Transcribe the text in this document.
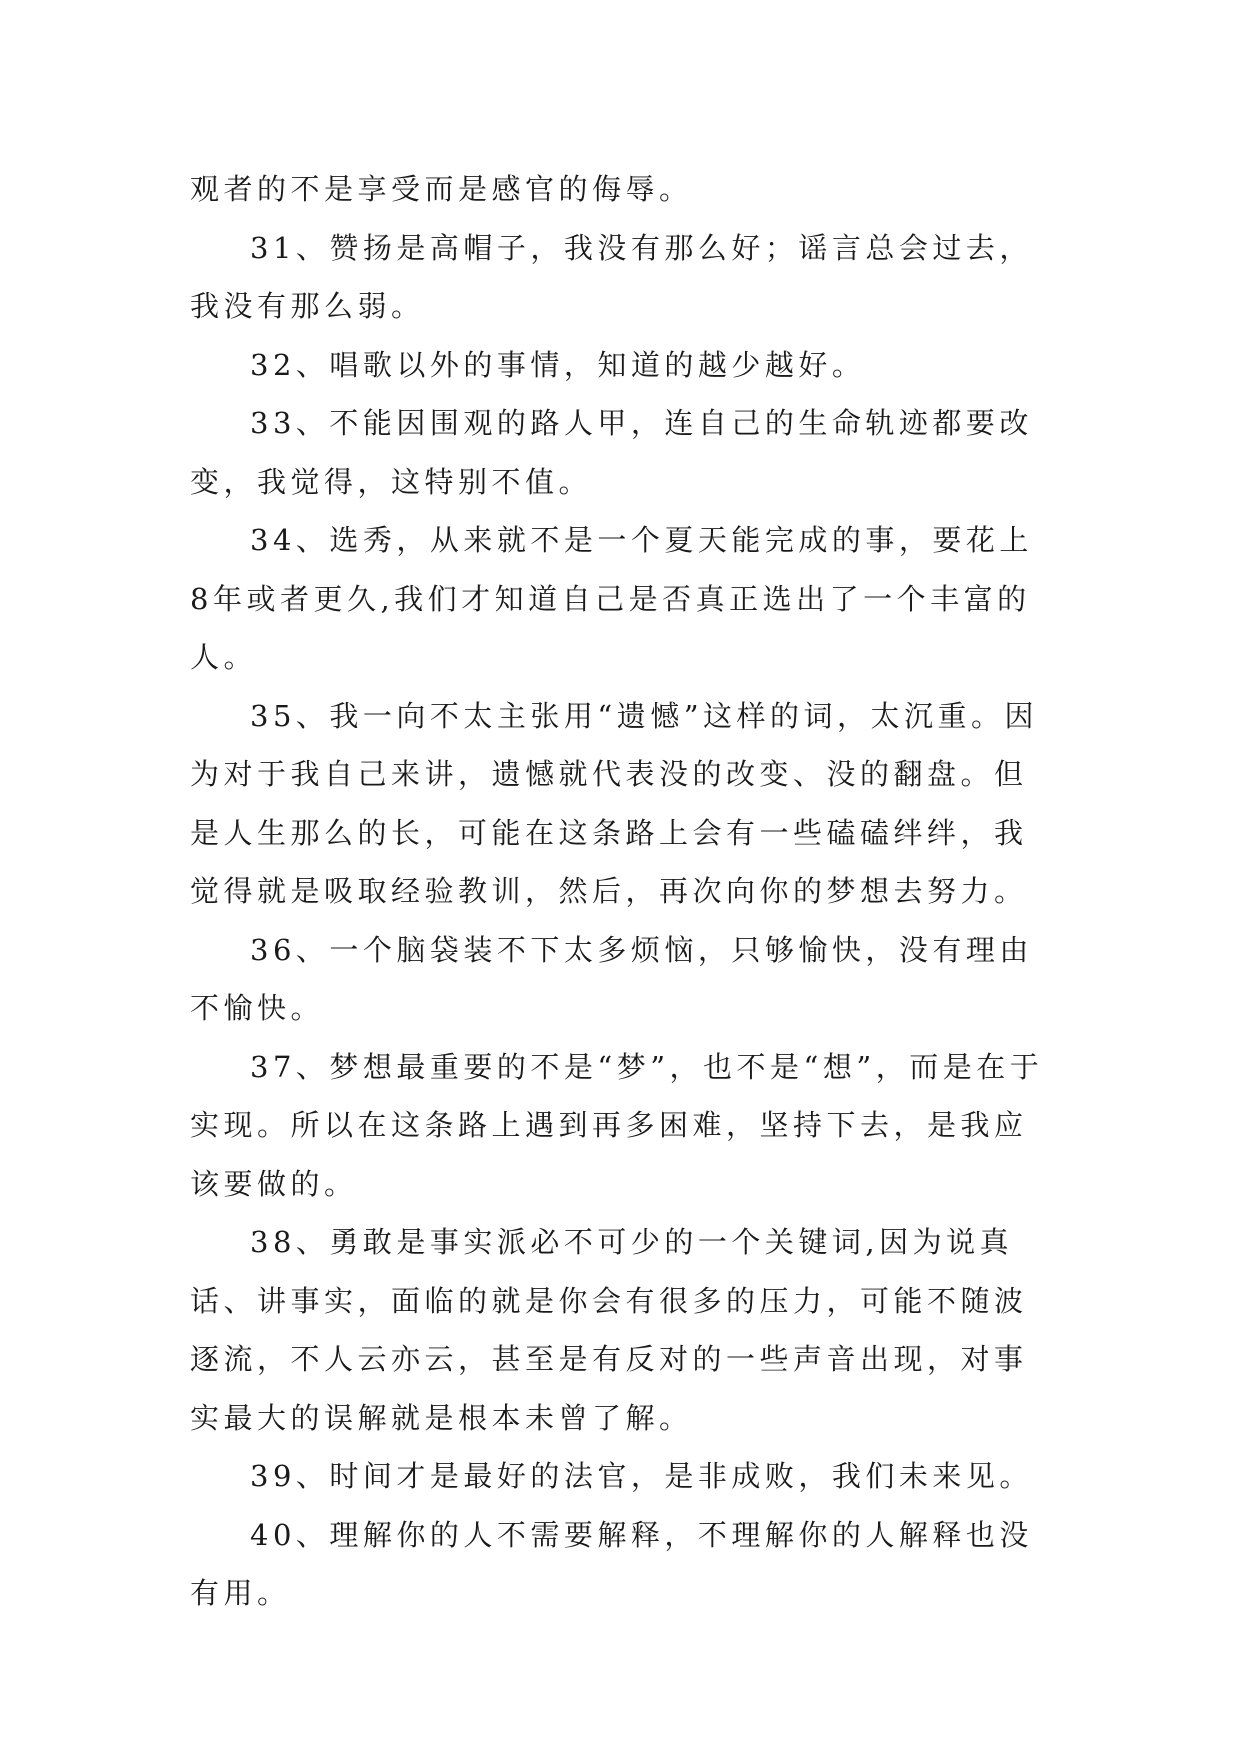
观者的不是享受而是感官的侮辱。

31、赞扬是高帽子，我没有那么好；谣言总会过去，我没有那么弱。

32、唱歌以外的事情，知道的越少越好。

33、不能因围观的路人甲，连自己的生命轨迹都要改变，我觉得，这特别不值。

34、选秀，从来就不是一个夏天能完成的事，要花上8年或者更久,我们才知道自己是否真正选出了一个丰富的人。

35、我一向不太主张用“遗憾”这样的词，太沉重。因为对于我自己来讲，遗憾就代表没的改变、没的翻盘。但是人生那么的长，可能在这条路上会有一些磕磕绊绊，我觉得就是吸取经验教训，然后，再次向你的梦想去努力。

36、一个脑袋装不下太多烦恼，只够愉快，没有理由不愉快。

37、梦想最重要的不是“梦”，也不是“想”，而是在于实现。所以在这条路上遇到再多困难，坚持下去，是我应该要做的。

38、勇敢是事实派必不可少的一个关键词,因为说真话、讲事实，面临的就是你会有很多的压力，可能不随波逐流，不人云亦云，甚至是有反对的一些声音出现，对事实最大的误解就是根本未曾了解。

39、时间才是最好的法官，是非成败，我们未来见。

40、理解你的人不需要解释，不理解你的人解释也没有用。
